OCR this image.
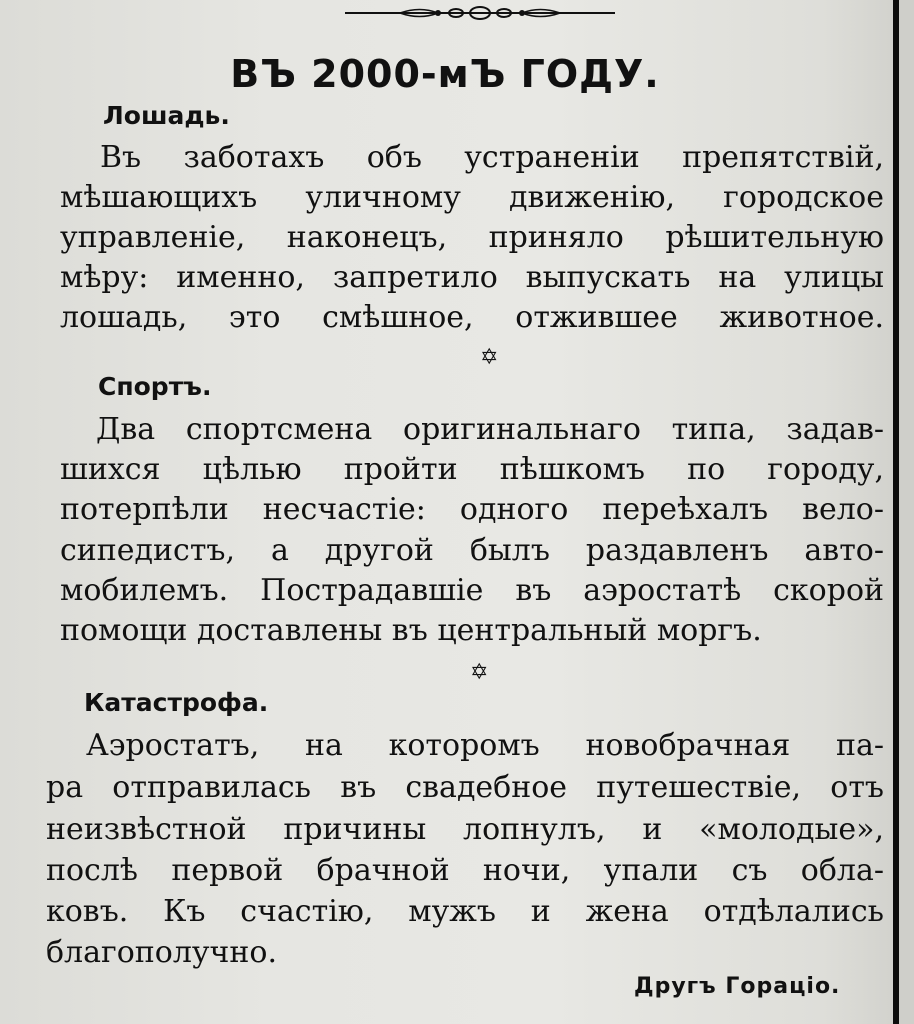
ВЪ 2000-мЪ ГОДУ.
Лошадь.
Въ заботахъ объ устраненіи препятствій,
мѣшающихъ уличному движенію, городское
управленіе, наконецъ, приняло рѣшительную
мѣру: именно, запретило выпускать на улицы
лошадь, это смѣшное, отжившее животное.
✡
Спортъ.
Два спортсмена оригинальнаго типа, задав-
шихся цѣлью пройти пѣшкомъ по городу,
потерпѣли несчастіе: одного переѣхалъ вело-
сипедистъ, а другой былъ раздавленъ авто-
мобилемъ. Пострадавшіе въ аэростатѣ скорой
помощи доставлены въ центральный моргъ.
✡
Катастрофа.
Аэростатъ, на которомъ новобрачная па-
ра отправилась въ свадебное путешествіе, отъ
неизвѣстной причины лопнулъ, и «молодые»,
послѣ первой брачной ночи, упали съ обла-
ковъ. Къ счастію, мужъ и жена отдѣлались
благополучно.
Другъ Гораціо.
